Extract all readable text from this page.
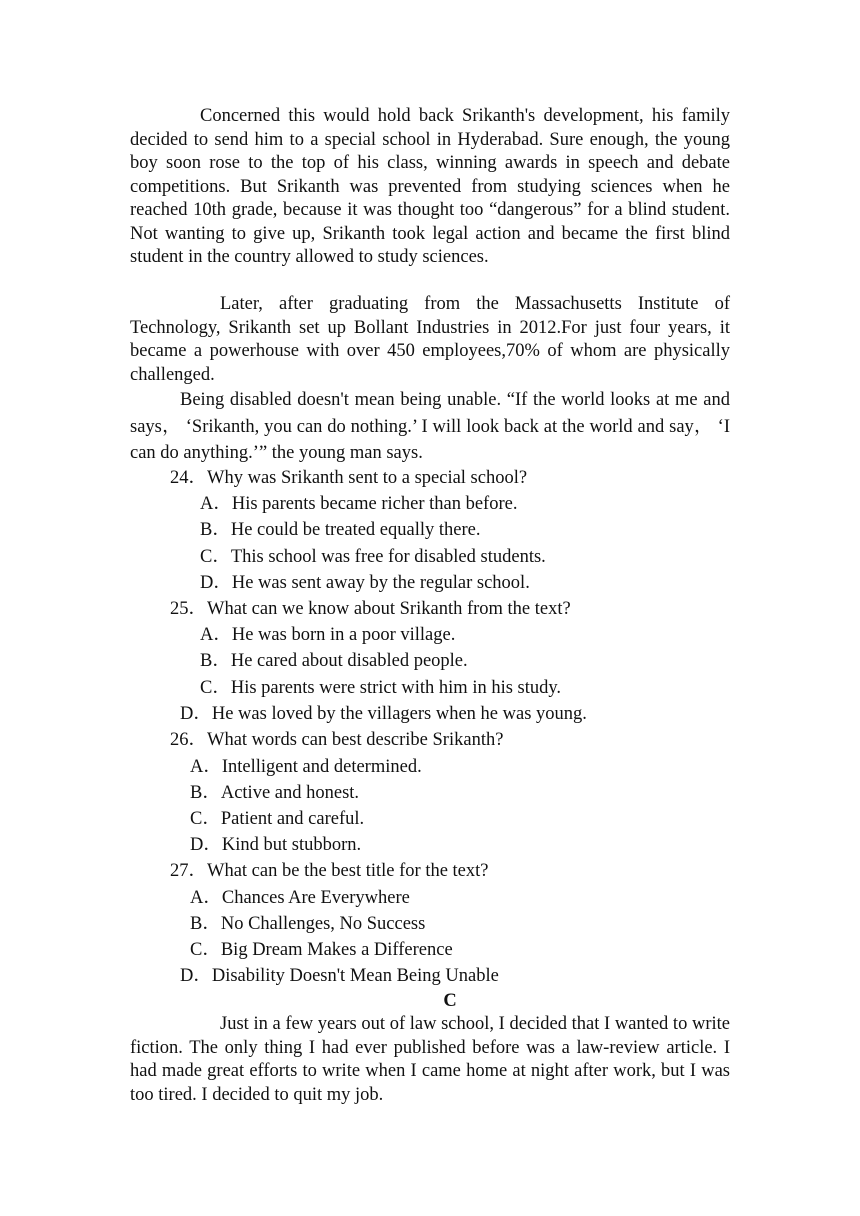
Concerned this would hold back Srikanth's development, his family decided to send him to a special school in Hyderabad. Sure enough, the young boy soon rose to the top of his class, winning awards in speech and debate competitions. But Srikanth was prevented from studying sciences when he reached 10th grade, because it was thought too “dangerous” for a blind student. Not wanting to give up, Srikanth took legal action and became the first blind student in the country allowed to study sciences.

Later, after graduating from the Massachusetts Institute of Technology, Srikanth set up Bollant Industries in 2012.For just four years, it became a powerhouse with over 450 employees,70% of whom are physically challenged.

Being disabled doesn't mean being unable. “If the world looks at me and says， ‘Srikanth, you can do nothing.’ I will look back at the world and say， ‘I can do anything.’” the young man says.

24．Why was Srikanth sent to a special school?
A．His parents became richer than before.
B．He could be treated equally there.
C．This school was free for disabled students.
D．He was sent away by the regular school.
25．What can we know about Srikanth from the text?
A．He was born in a poor village.
B．He cared about disabled people.
C．His parents were strict with him in his study.
D．He was loved by the villagers when he was young.
26．What words can best describe Srikanth?
A．Intelligent and determined.
B．Active and honest.
C．Patient and careful.
D．Kind but stubborn.
27．What can be the best title for the text?
A．Chances Are Everywhere
B．No Challenges, No Success
C．Big Dream Makes a Difference
D．Disability Doesn't Mean Being Unable
C

Just in a few years out of law school, I decided that I wanted to write fiction. The only thing I had ever published before was a law-review article. I had made great efforts to write when I came home at night after work, but I was too tired. I decided to quit my job.
